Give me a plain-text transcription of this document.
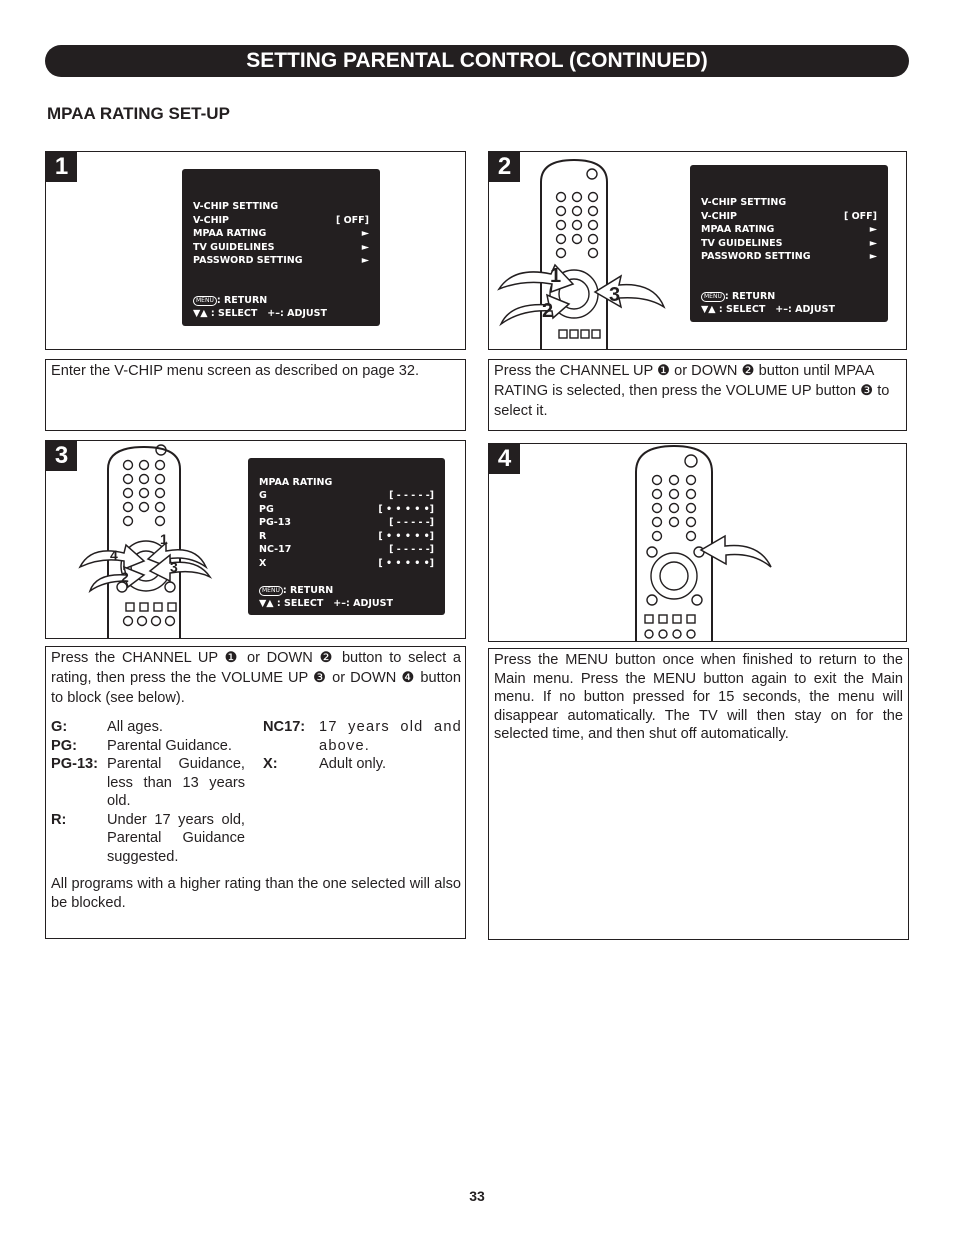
SETTING PARENTAL CONTROL (CONTINUED)
MPAA RATING SET-UP
1
V-CHIP SETTING
V-CHIP	[ OFF]
MPAA RATING	►
TV GUIDELINES	►
PASSWORD SETTING	►
MENU : RETURN
▼▲ : SELECT +–: ADJUST
Enter the V-CHIP menu screen as described on page 32.
2
1
2
3
V-CHIP SETTING
V-CHIP	[ OFF]
MPAA RATING	►
TV GUIDELINES	►
PASSWORD SETTING	►
MENU : RETURN
▼▲ : SELECT +–: ADJUST
Press the CHANNEL UP ❶ or DOWN ❷ button until MPAA RATING is selected, then press the VOLUME UP button ❸ to select it.
3
4
1
2
3
MPAA RATING
G	[ - - - - -]
PG	[ • • • • •]
PG-13	[ - - - - -]
R	[ • • • • •]
NC-17	[ - - - - -]
X	[ • • • • •]
MENU : RETURN
▼▲ : SELECT +–: ADJUST
Press the CHANNEL UP ❶ or DOWN ❷ button to select a rating, then press the the VOLUME UP ❸ or DOWN ❹ button to block (see below).
G:	All ages.
PG: Parental Guidance.
PG-13: Parental Guidance, less than 13 years old.
R:	Under 17 years old, Parental Guidance suggested.
NC17: 17 years old and above.
X:	Adult only.
All programs with a higher rating than the one selected will also be blocked.
4
Press the MENU button once when finished to return to the Main menu. Press the MENU button again to exit the Main menu. If no button pressed for 15 seconds, the menu will disappear automatically. The TV will then stay on for the selected time, and then shut off automatically.
33
